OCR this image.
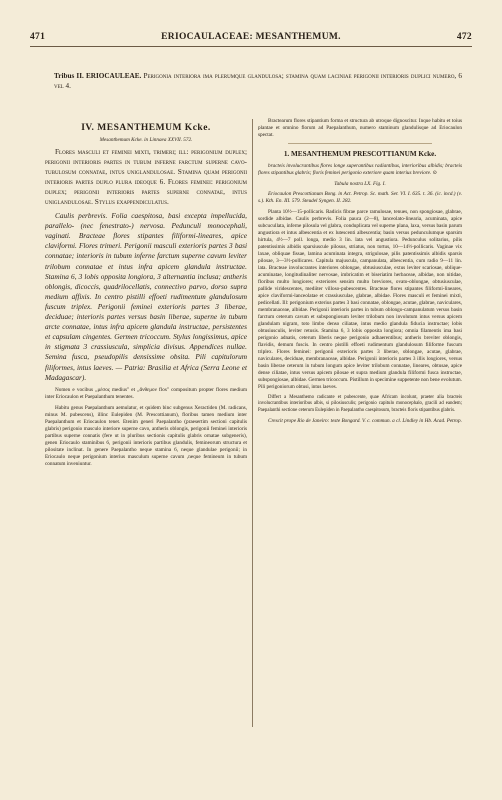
471	ERIOCAULACEAE: MESANTHEMUM.	472
Tribus II. ERIOCAULEAE. Perigonia interiora ima plerumque glandulosa; stamina quam laciniae perigonii interioris duplici numero, 6 vel 4.
IV. MESANTHEMUM Kcke.
Mesanthemum Kcke. in Linnaea XXVII. 572.

Flores masculi et feminei mixti, trimeri; ill: perigonium duplex; perigonii interioris partes in tubum inferne farctum superne cavo-tubulosum connatae, intus uniglandulosae. Stamina quam perigonii interioris partes duplo plura ideoque 6. Flores feminei: perigonium duplex; perigonii interioris partes superne connatae, intus uniglandulosae. Stylus exappendiculatus.

Caulis perbrevis. Folia caespitosa, basi excepta impellucida, parallelo- (nec fenestrato-) nervosa. Pedunculi monocephali, vaginati. Bracteae flores stipantes filiformi-lineares, apice claviformi. Flores trimeri. Perigonii masculi exterioris partes 3 basi connatae; interioris in tubum inferne farctum superne cavum leviter trilobum connatae et intus infra apicem glandula instructae. Stamina 6, 3 lobis opposita longiora, 3 alternantia inclusa; antheris oblongis, dicoccis, quadrilocellatis, connectivo parvo, dorso supra medium affixis. In centro pistilli effoeti rudimentum glandulosum fuscum triplex. Perigonii feminei exterioris partes 3 liberae, deciduae; interioris partes versus basin liberae, superne in tubum arcte connatae, intus infra apicem glandula instructae, persistentes et capsulam cingentes. Germen tricoccum. Stylus longissimus, apice in stigmata 3 crassiuscula, simplicia divisus. Appendices nullae. Semina fusca, pseudopilis densissime obsita. Pili capitulorum filiformes, intus laeves. — Patria: Brasilia et Africa (Serra Leone et Madagascar).

Nomen e vocibus „μέσος medius" et „ἄνθεμον flos" compositum propter flores medium inter Eriocaulon et Paepalanthum tenentes.

Habitu genus Paepalanthum aemulatur, et quidem binc subgenus Xeractiden (M. radicans, minus M. pubescens), illinc Eulepiden (M. Prescottianum), floribus tamen medium inter Paepalanthum et Eriocaulon tenet. Etenim generi Paepalantho (praesertim sectioni capitulis glabris) perigonio masculo interiore superne cavo, antheris oblongis, perigonii feminei interioris partibus superne connatis (fere ut in pluribus sectionis capitulis glabris ornatae subgeneris), genen Eriocaulo staminibus 6, perigonii interioris partibus glandulis, femineorum structura et pilositate inclinat. In genere Paepalantho neque stamina 6, neque glandulae perigonii; in Eriocaulo neque perigonium interius masculum superne cavum ,neque femineum in tubum connatum inveniuntur.

Bractearum flores stipantium forma et structura ab utroque dignoscitur. Inque habitu et toius plantae et omnino florum ad Paepalanthum, numero staminum glandulisque ad Eriocaulon spectat.

1. MESANTHEMUM PRESCOTTIANUM Kcke.

bracteis involucrantibus flores longe superantibus radiantibus, interioribus albidis; bracteis flores stipantibus glabris; floris feminei perigonio exteriore quam interius breviore. ⊙

Tabula nostra LX. Fig. I.

Eriocaulon Prescottianum Bong. in Act. Petrop. Sc. math. Ser. VI. I. 635. t. 36. (ic. incd.) (v. s.). Kth. En. III. 579. Steudel Syngen. II. 282.

Planta 10½—15-pollicaris. Radicis fibrae parce ramulosae, tenues, non spongiosae, glabrae, sordide albidae. Caulis perbrevis. Folia pauca (2—8), lanceolato-linearia, acuminata, apice subcucullata, inferne pilosula vel glabra, conduplicata vel superne plana, laxa, versus basin parum angustiora et intus albescentia et ex lutescenti albescentia; basin versus pedunculumque sparsim hirtula, 4½—7 poll. longa, medio 3 lin. lata vel angustiora. Pedunculus solitarius, pilis patentissimis albidis sparsiuscule pilosus, striatus, non tortus, 10—14½-pollicaris. Vaginae vix laxae, obliquae fissae, lamina acuminata integra, strigulosae, pilis patentissimis albidis sparsis pilosae, 3—3½-pollicares. Capitula majuscula, campanulata, albescentia, cum radio 9—11 lin. lata. Bracteae involucrantes interiores oblongae, obtusiusculae, extus leviter scariosae, oblique-acuminatae, longitudinaliter nervosae, imbricatim et biseriatim herbaceae, albidae, non nitidae, floribus multo longiores; exteriores sensim multo breviores, ovato-oblongae, obtusiusculae, pallide viridescentes, mediiter villoso-pubescentes. Bracteae flores stipantes filiformi-lineares, apice claviformi-lanceolatae et crassiusculae, glabrae, albidae. Flores masculi et feminei mixti, pedicellati. Ill: perigonium exterius partes 3 basi connatae, oblongae, acutae, glabrae, naviculares, membranaceae, albidae. Perigonii interioris partes in tubum oblongo-campanulatum versus basin farctum ceterum cavum et subspongiosum leviter trilobum non involutum intus versus apicem glandulam nigram, toto limbo denso ciliatae, intus medio glandula fiducia instructae; lobis obtusiusculis, leviter retusis. Stamina 6, 3 lobis opposita longiora; omnia filamentis ima basi perigonio adnatis, ceterum liberis neque perigonio adhaerentibus; antheris breviter oblongis, flavidis, demum fuscis. In centro pistilli effoeti rudimentum glandulosum filiforme fuscum triplex. Flores feminei: perigonii exterioris partes 3 liberae, oblongae, acutae, glabrae, naviculares, deciduae, membranaceae, albidae. Perigonii interioris partes 3 illis longiores, versus basin liberae ceterum in tubum longum apice leviter trilobum connatae, lineares, obtusae, apice dense ciliatae, intus versus apicem pilosae et supra medium glandula filiformi fusca instructae, subspongiosae, albidae. Germen tricoccum. Pistillum in speciminе suppetente non bene evolutum. Pili perigoniorum obtusi, intus laeves.

Differt a Mesanthemo radicante et pubescente, quae Africam incolunt, praeter alia bracteis involucrantibus interioribus albis, si pilosiusculis; perigonio capitulo monocephalo, gracili ad eandem; Paepalanthi sectione ceterum Eulepiden in Paepalantho caespitosum, bracteis floris stipantibus glabris.

Crescit prope Rio de Janeiro: teste Bongard. V. c. commun. a cl. Lindley in Hb. Acad. Petrop.
